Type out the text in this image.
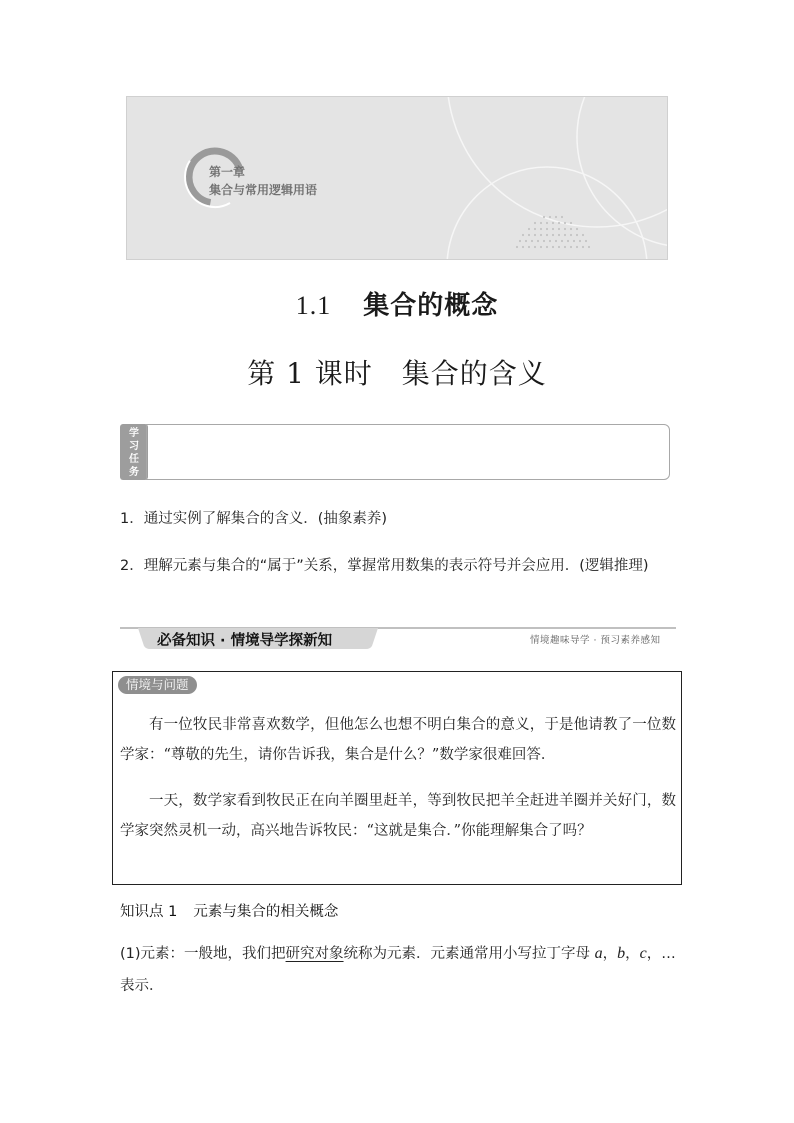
第一章
集合与常用逻辑用语
1.1 集合的概念
第 1 课时　集合的含义
学
习
任
务
1．通过实例了解集合的含义．(抽象素养)
2．理解元素与集合的“属于”关系，掌握常用数集的表示符号并会应用．(逻辑推理)
必备知识 · 情境导学探新知	情境趣味导学 · 预习素养感知
情境与问题
有一位牧民非常喜欢数学，但他怎么也想不明白集合的意义，于是他请教了一位数学家：“尊敬的先生，请你告诉我，集合是什么？”数学家很难回答．
一天，数学家看到牧民正在向羊圈里赶羊，等到牧民把羊全赶进羊圈并关好门，数学家突然灵机一动，高兴地告诉牧民：“这就是集合．”你能理解集合了吗？
知识点 1 元素与集合的相关概念
(1)元素：一般地，我们把研究对象统称为元素．元素通常用小写拉丁字母 a，b，c，…表示．
